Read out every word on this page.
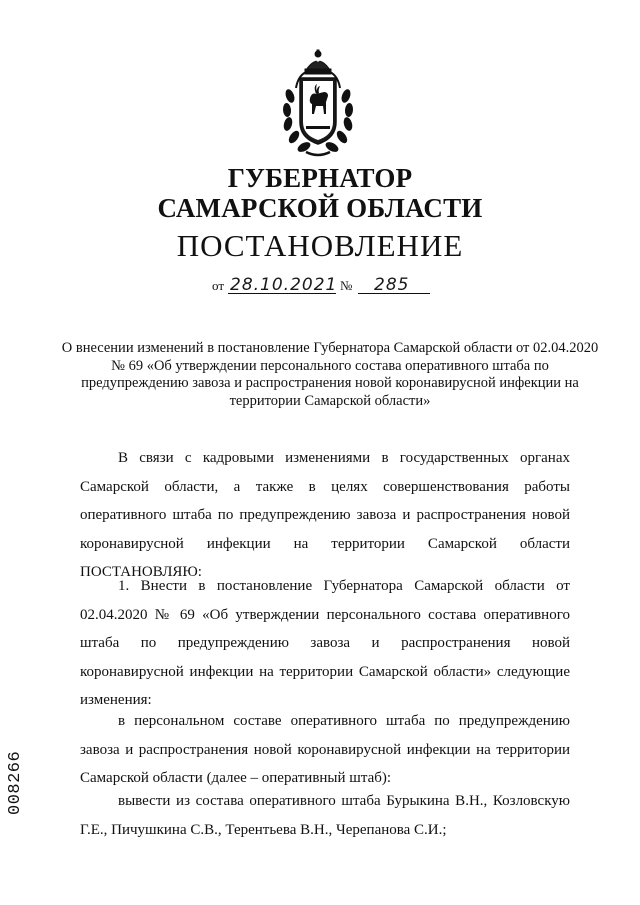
ГУБЕРНАТОР
САМАРСКОЙ ОБЛАСТИ
ПОСТАНОВЛЕНИЕ
от 28.10.2021 № 285
О внесении изменений в постановление Губернатора Самарской области от 02.04.2020 № 69 «Об утверждении персонального состава оперативного штаба по предупреждению завоза и распространения новой коронавирусной инфекции на территории Самарской области»
В связи с кадровыми изменениями в государственных органах Самарской области, а также в целях совершенствования работы оперативного штаба по предупреждению завоза и распространения новой коронавирусной инфекции на территории Самарской области ПОСТАНОВЛЯЮ:
1. Внести в постановление Губернатора Самарской области от 02.04.2020 № 69 «Об утверждении персонального состава оперативного штаба по предупреждению завоза и распространения новой коронавирусной инфекции на территории Самарской области» следующие изменения:
в персональном составе оперативного штаба по предупреждению завоза и распространения новой коронавирусной инфекции на территории Самарской области (далее – оперативный штаб):
вывести из состава оперативного штаба Бурыкина В.Н., Козловскую Г.Е., Пичушкина С.В., Терентьева В.Н., Черепанова С.И.;
008266
